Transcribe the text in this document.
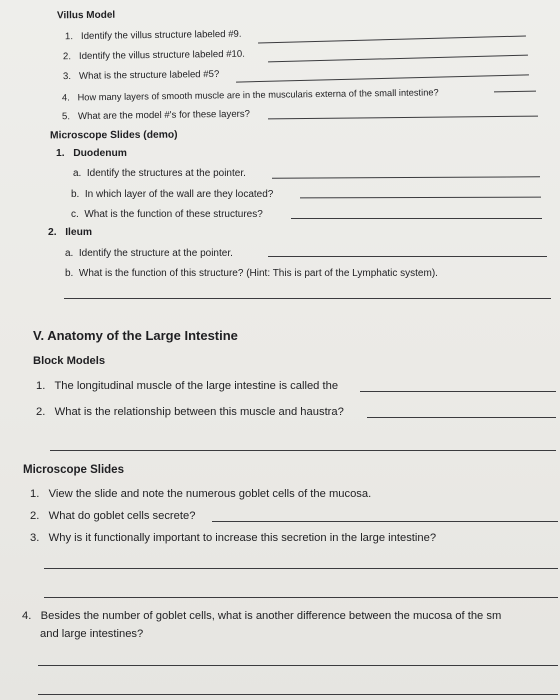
Villus Model
1. Identify the villus structure labeled #9.
2. Identify the villus structure labeled #10.
3. What is the structure labeled #5?
4. How many layers of smooth muscle are in the muscularis externa of the small intestine?
5. What are the model #'s for these layers?
Microscope Slides (demo)
1. Duodenum
a. Identify the structures at the pointer.
b. In which layer of the wall are they located?
c. What is the function of these structures?
2. Ileum
a. Identify the structure at the pointer.
b. What is the function of this structure? (Hint: This is part of the Lymphatic system).
V. Anatomy of the Large Intestine
Block Models
1. The longitudinal muscle of the large intestine is called the
2. What is the relationship between this muscle and haustra?
Microscope Slides
1. View the slide and note the numerous goblet cells of the mucosa.
2. What do goblet cells secrete?
3. Why is it functionally important to increase this secretion in the large intestine?
4. Besides the number of goblet cells, what is another difference between the mucosa of the sm
and large intestines?
